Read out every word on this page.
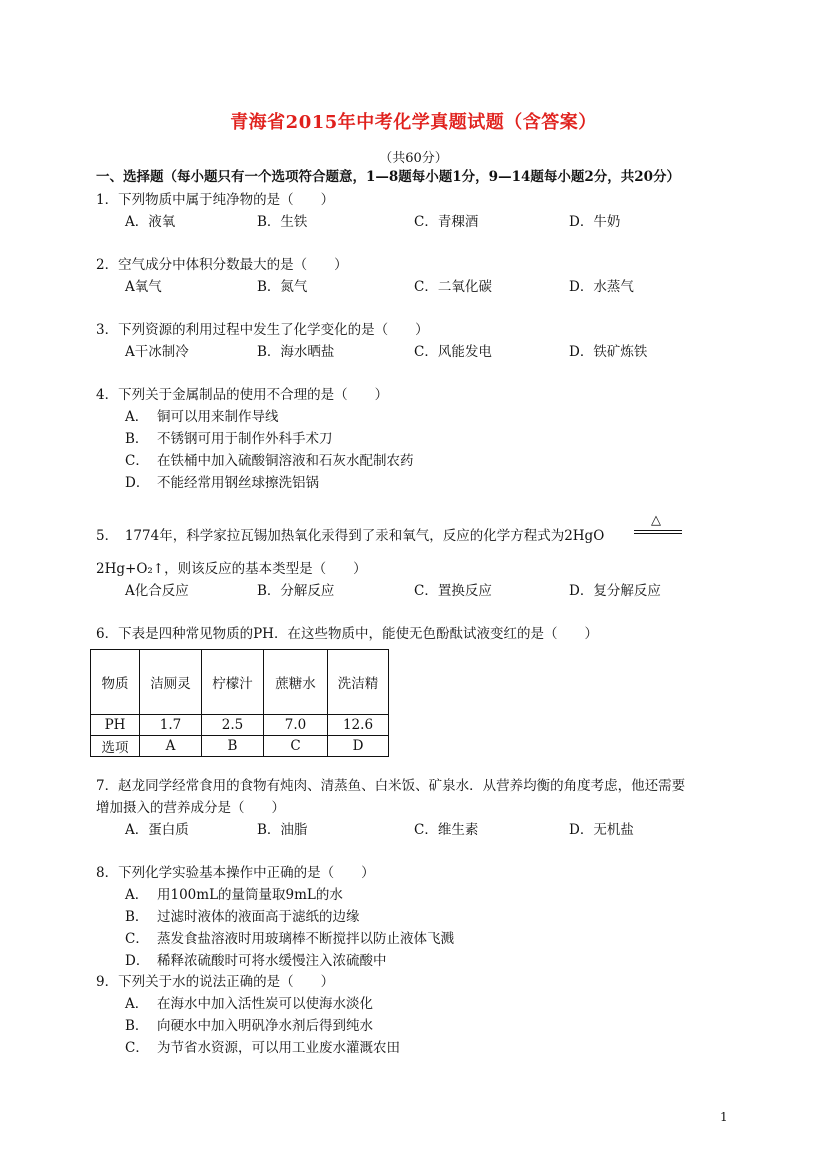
青海省2015年中考化学真题试题（含答案）
（共60分）
一、选择题（每小题只有一个选项符合题意，1—8题每小题1分，9—14题每小题2分，共20分）
1．下列物质中属于纯净物的是（　　）
A．液氧	B．生铁	C．青稞酒	D．牛奶
2．空气成分中体积分数最大的是（　　）
A氧气	B．氮气	C．二氧化碳	D．水蒸气
3．下列资源的利用过程中发生了化学变化的是（　　）
A干冰制冷	B．海水晒盐	C．风能发电	D．铁矿炼铁
4．下列关于金属制品的使用不合理的是（　　）
A． 铜可以用来制作导线
B． 不锈钢可用于制作外科手术刀
C． 在铁桶中加入硫酸铜溶液和石灰水配制农药
D． 不能经常用钢丝球擦洗铝锅
5．　1774年，科学家拉瓦锡加热氧化汞得到了汞和氧气，反应的化学方程式为2HgO
△
2Hg+O₂↑，则该反应的基本类型是（　　）
A化合反应	B．分解反应	C．置换反应	D．复分解反应
6．下表是四种常见物质的PH．在这些物质中，能使无色酚酞试液变红的是（　　）
物质	洁厕灵	柠檬汁	蔗糖水	洗洁精
PH	1.7	2.5	7.0	12.6
选项	A	B	C	D
7．赵龙同学经常食用的食物有炖肉、清蒸鱼、白米饭、矿泉水．从营养均衡的角度考虑，他还需要
增加摄入的营养成分是（　　）
A．蛋白质	B．油脂	C．维生素	D．无机盐
8．下列化学实验基本操作中正确的是（　　）
A． 用100mL的量筒量取9mL的水
B． 过滤时液体的液面高于滤纸的边缘
C． 蒸发食盐溶液时用玻璃棒不断搅拌以防止液体飞溅
D． 稀释浓硫酸时可将水缓慢注入浓硫酸中
9．下列关于水的说法正确的是（　　）
A． 在海水中加入活性炭可以使海水淡化
B． 向硬水中加入明矾净水剂后得到纯水
C． 为节省水资源，可以用工业废水灌溉农田
1
